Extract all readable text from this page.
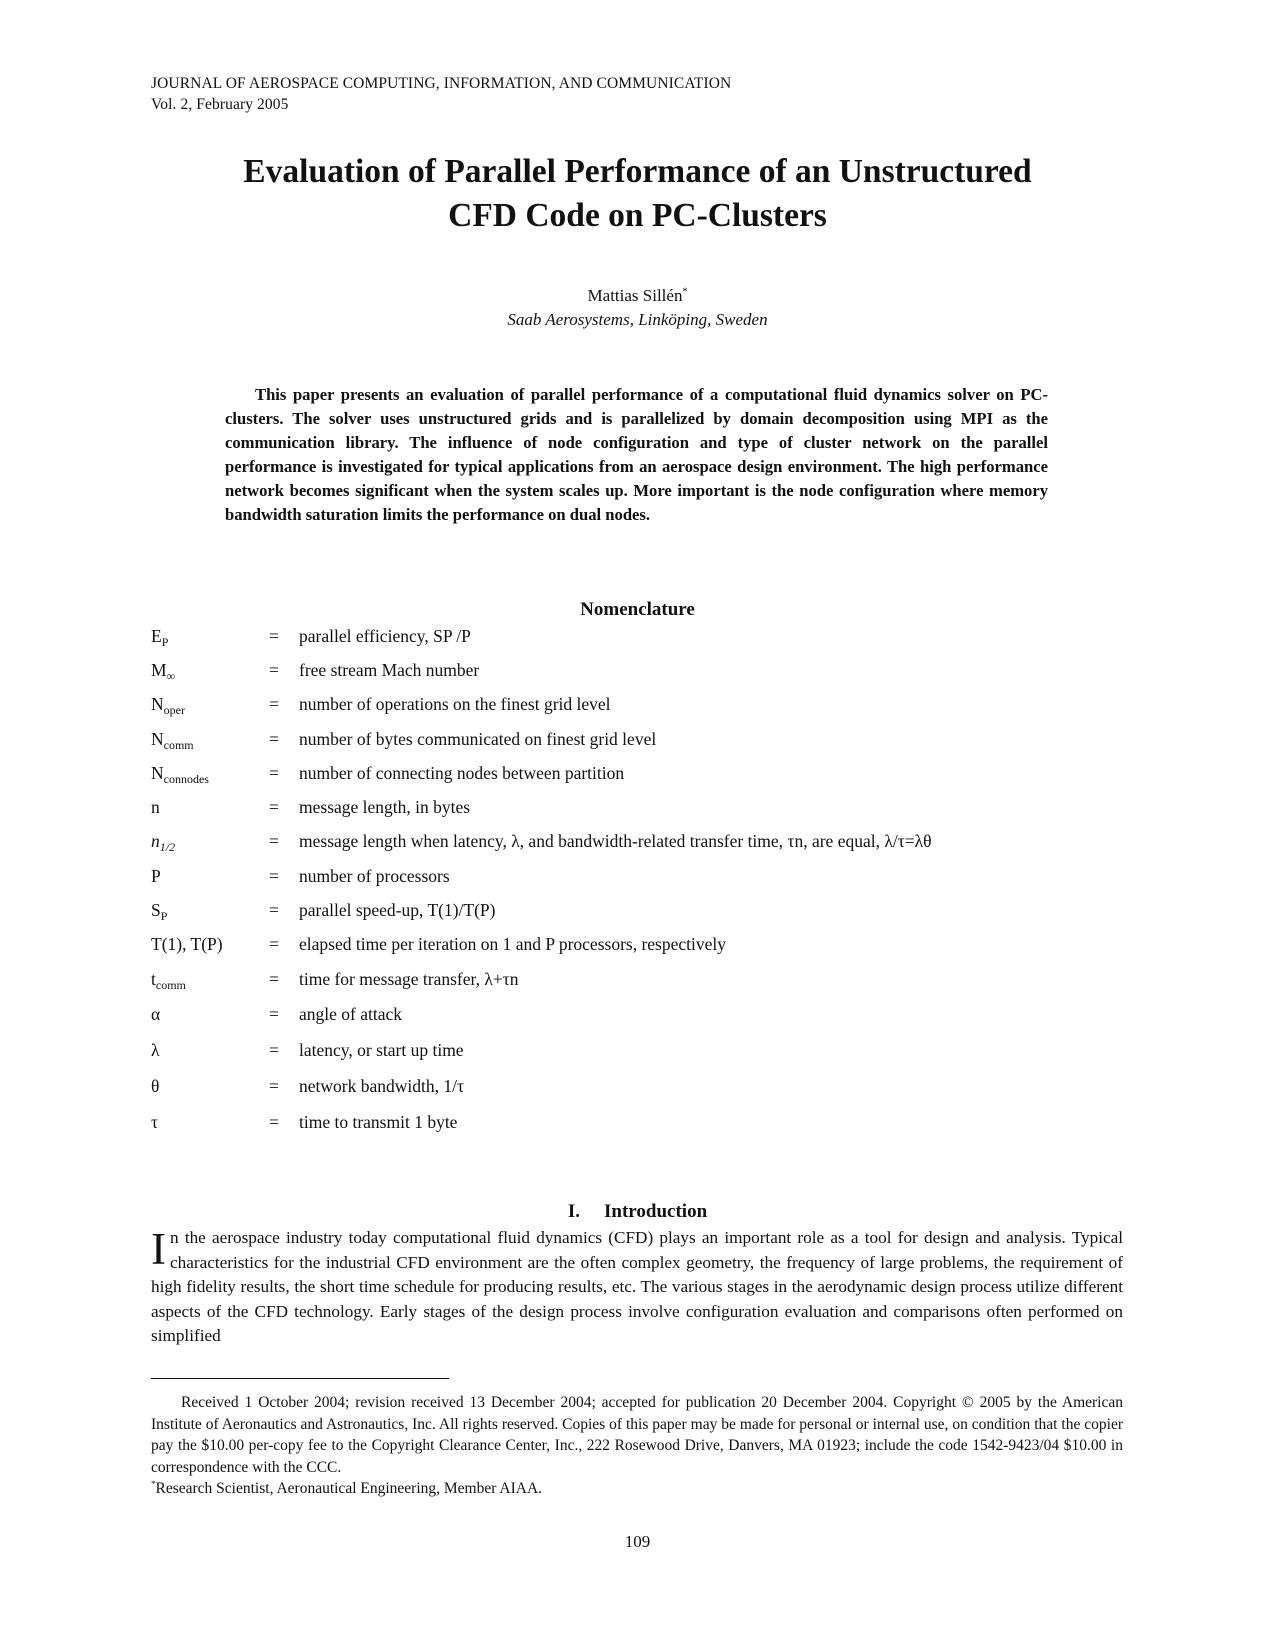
JOURNAL OF AEROSPACE COMPUTING, INFORMATION, AND COMMUNICATION
Vol. 2, February 2005
Evaluation of Parallel Performance of an Unstructured
CFD Code on PC-Clusters
Mattias Sillén*
Saab Aerosystems, Linköping, Sweden
This paper presents an evaluation of parallel performance of a computational fluid dynamics solver on PC-clusters. The solver uses unstructured grids and is parallelized by domain decomposition using MPI as the communication library. The influence of node configuration and type of cluster network on the parallel performance is investigated for typical applications from an aerospace design environment. The high performance network becomes significant when the system scales up. More important is the node configuration where memory bandwidth saturation limits the performance on dual nodes.
Nomenclature
$E_P$	=	parallel efficiency, SP /P
$M_\infty$	=	free stream Mach number
$N_{oper}$	=	number of operations on the finest grid level
$N_{comm}$	=	number of bytes communicated on finest grid level
$N_{connodes}$	=	number of connecting nodes between partition
n	=	message length, in bytes
$n_{1/2}$	=	message length when latency, λ, and bandwidth-related transfer time, τn, are equal, λ/τ=λθ
P	=	number of processors
$S_P$	=	parallel speed-up, T(1)/T(P)
T(1), T(P)	=	elapsed time per iteration on 1 and P processors, respectively
$t_{comm}$	=	time for message transfer, λ+τn
α	=	angle of attack
λ	=	latency, or start up time
θ	=	network bandwidth, 1/τ
τ	=	time to transmit 1 byte
I. Introduction
In the aerospace industry today computational fluid dynamics (CFD) plays an important role as a tool for design and analysis. Typical characteristics for the industrial CFD environment are the often complex geometry, the frequency of large problems, the requirement of high fidelity results, the short time schedule for producing results, etc. The various stages in the aerodynamic design process utilize different aspects of the CFD technology. Early stages of the design process involve configuration evaluation and comparisons often performed on simplified

Received 1 October 2004; revision received 13 December 2004; accepted for publication 20 December 2004. Copyright © 2005 by the American Institute of Aeronautics and Astronautics, Inc. All rights reserved. Copies of this paper may be made for personal or internal use, on condition that the copier pay the $10.00 per-copy fee to the Copyright Clearance Center, Inc., 222 Rosewood Drive, Danvers, MA 01923; include the code 1542-9423/04 $10.00 in correspondence with the CCC.

*Research Scientist, Aeronautical Engineering, Member AIAA.

109
